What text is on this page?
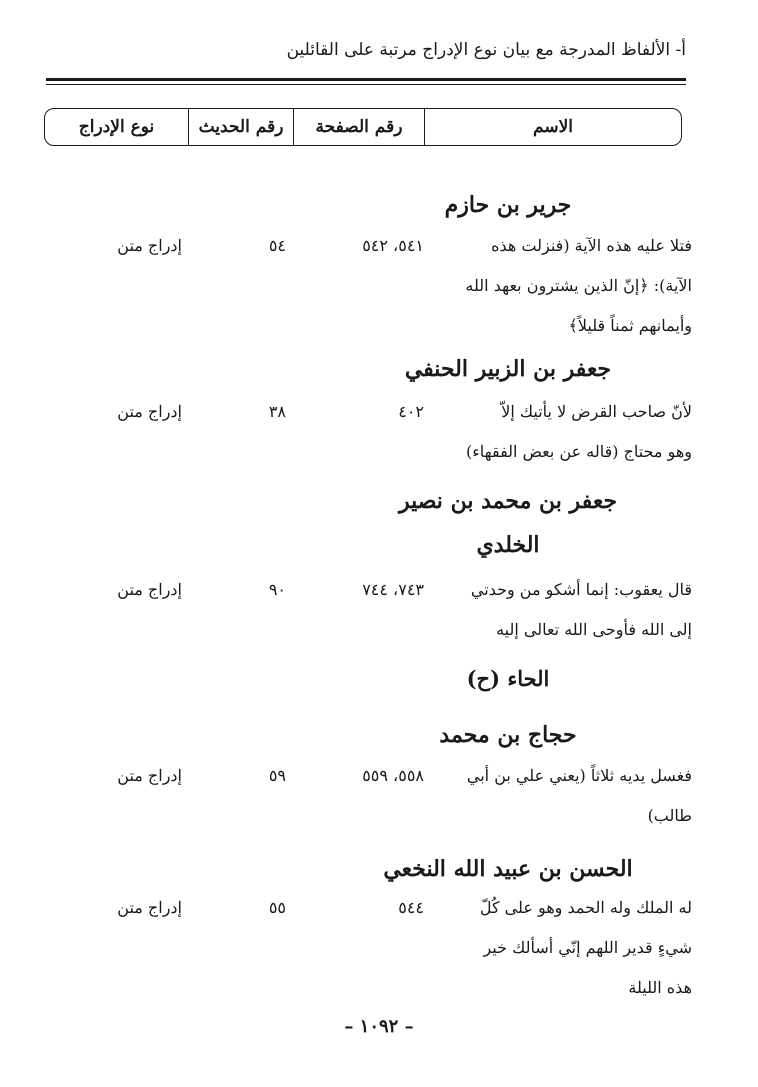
أ- الألفاظ المدرجة مع بيان نوع الإدراج مرتبة على القائلين
الاسم
رقم الصفحة
رقم الحديث
نوع الإدراج
جرير بن حازم
فتلا عليه هذه الآية (فنزلت هذه
الآية): ﴿إنّ الذين يشترون بعهد الله
وأيمانهم ثمناً قليلاً﴾
٥٤١، ٥٤٢
٥٤
إدراج متن
جعفر بن الزبير الحنفي
لأنّ صاحب القرض لا يأتيك إلاّ
وهو محتاج (قاله عن بعض الفقهاء)
٤٠٢
٣٨
إدراج متن
جعفر بن محمد بن نصير
الخلدي
قال يعقوب: إنما أشكو من وحدتي
إلى الله فأوحى الله تعالى إليه
٧٤٣، ٧٤٤
٩٠
إدراج متن
الحاء (ح)
حجاج بن محمد
فغسل يديه ثلاثاً (يعني علي بن أبي
طالب)
٥٥٨، ٥٥٩
٥٩
إدراج متن
الحسن بن عبيد الله النخعي
له الملك وله الحمد وهو على كُلّ
شيءٍ قدير اللهم إنّي أسألك خير
هذه الليلة
٥٤٤
٥٥
إدراج متن
– ١٠٩٢ –
